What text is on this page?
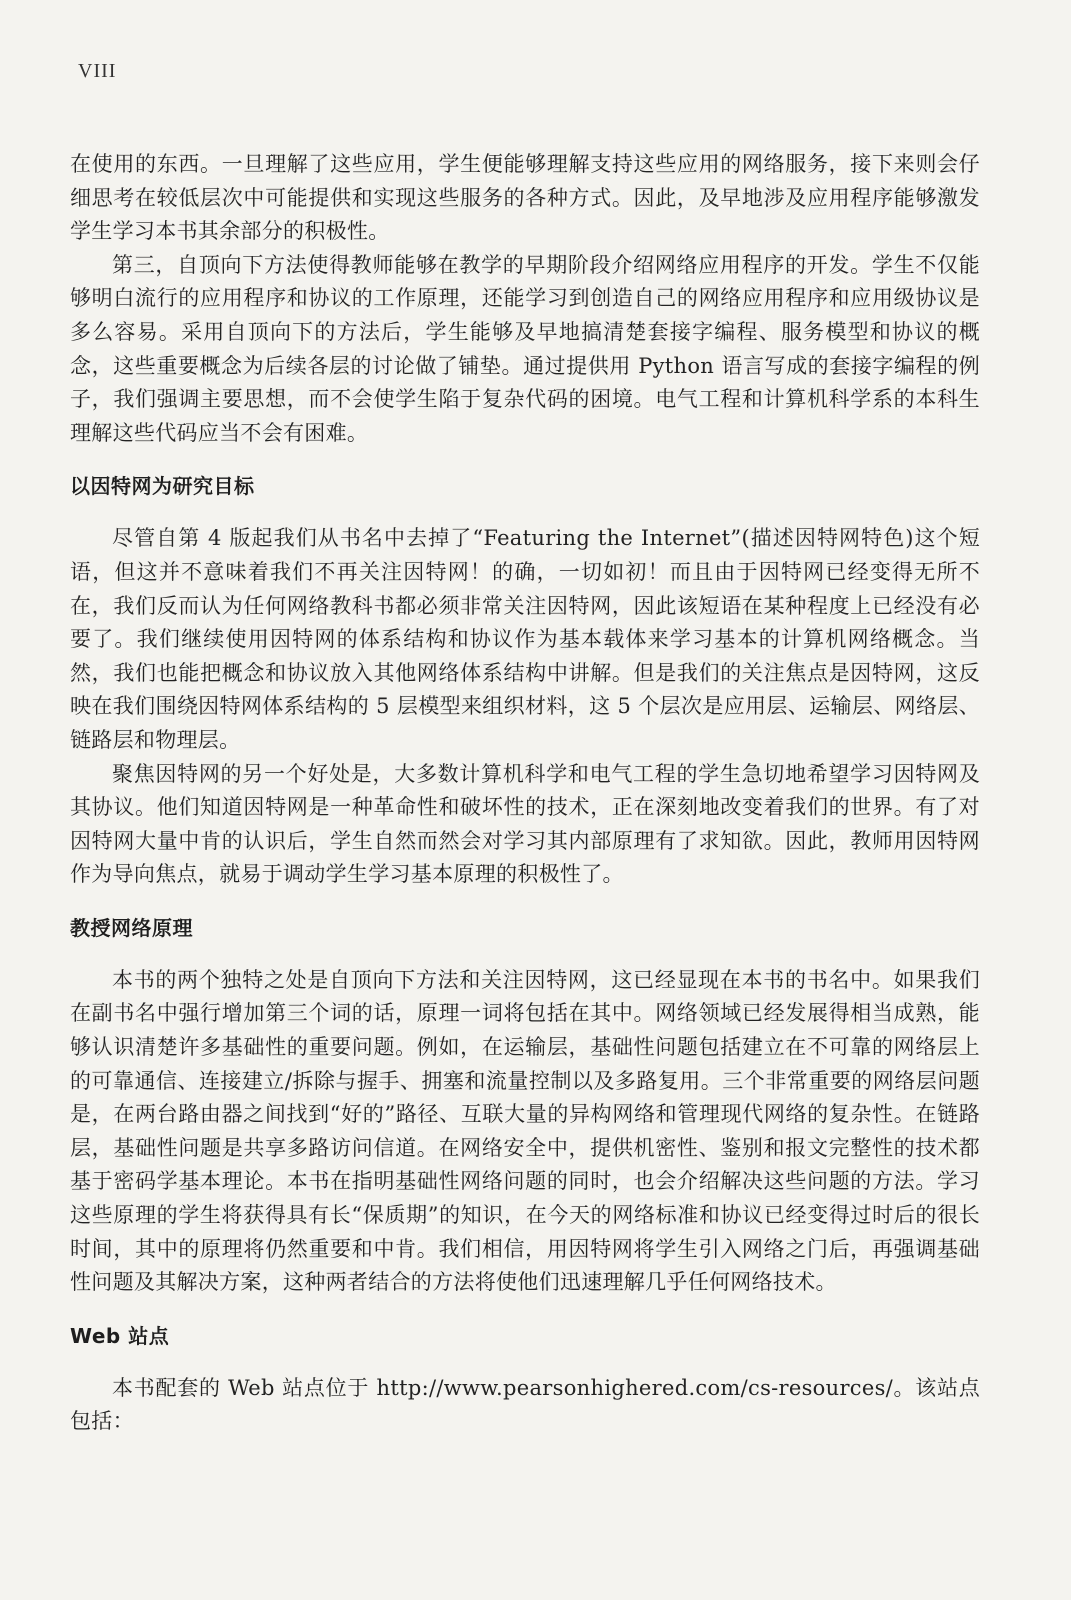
VIII

在使用的东西。一旦理解了这些应用，学生便能够理解支持这些应用的网络服务，接下来则会仔细思考在较低层次中可能提供和实现这些服务的各种方式。因此，及早地涉及应用程序能够激发学生学习本书其余部分的积极性。

第三，自顶向下方法使得教师能够在教学的早期阶段介绍网络应用程序的开发。学生不仅能够明白流行的应用程序和协议的工作原理，还能学习到创造自己的网络应用程序和应用级协议是多么容易。采用自顶向下的方法后，学生能够及早地搞清楚套接字编程、服务模型和协议的概念，这些重要概念为后续各层的讨论做了铺垫。通过提供用 Python 语言写成的套接字编程的例子，我们强调主要思想，而不会使学生陷于复杂代码的困境。电气工程和计算机科学系的本科生理解这些代码应当不会有困难。

以因特网为研究目标

尽管自第 4 版起我们从书名中去掉了“Featuring the Internet”(描述因特网特色)这个短语，但这并不意味着我们不再关注因特网！的确，一切如初！而且由于因特网已经变得无所不在，我们反而认为任何网络教科书都必须非常关注因特网，因此该短语在某种程度上已经没有必要了。我们继续使用因特网的体系结构和协议作为基本载体来学习基本的计算机网络概念。当然，我们也能把概念和协议放入其他网络体系结构中讲解。但是我们的关注焦点是因特网，这反映在我们围绕因特网体系结构的 5 层模型来组织材料，这 5 个层次是应用层、运输层、网络层、链路层和物理层。

聚焦因特网的另一个好处是，大多数计算机科学和电气工程的学生急切地希望学习因特网及其协议。他们知道因特网是一种革命性和破坏性的技术，正在深刻地改变着我们的世界。有了对因特网大量中肯的认识后，学生自然而然会对学习其内部原理有了求知欲。因此，教师用因特网作为导向焦点，就易于调动学生学习基本原理的积极性了。

教授网络原理

本书的两个独特之处是自顶向下方法和关注因特网，这已经显现在本书的书名中。如果我们在副书名中强行增加第三个词的话，原理一词将包括在其中。网络领域已经发展得相当成熟，能够认识清楚许多基础性的重要问题。例如，在运输层，基础性问题包括建立在不可靠的网络层上的可靠通信、连接建立/拆除与握手、拥塞和流量控制以及多路复用。三个非常重要的网络层问题是，在两台路由器之间找到“好的”路径、互联大量的异构网络和管理现代网络的复杂性。在链路层，基础性问题是共享多路访问信道。在网络安全中，提供机密性、鉴别和报文完整性的技术都基于密码学基本理论。本书在指明基础性网络问题的同时，也会介绍解决这些问题的方法。学习这些原理的学生将获得具有长“保质期”的知识，在今天的网络标准和协议已经变得过时后的很长时间，其中的原理将仍然重要和中肯。我们相信，用因特网将学生引入网络之门后，再强调基础性问题及其解决方案，这种两者结合的方法将使他们迅速理解几乎任何网络技术。

Web 站点

本书配套的 Web 站点位于 http://www.pearsonhighered.com/cs-resources/。该站点包括：
